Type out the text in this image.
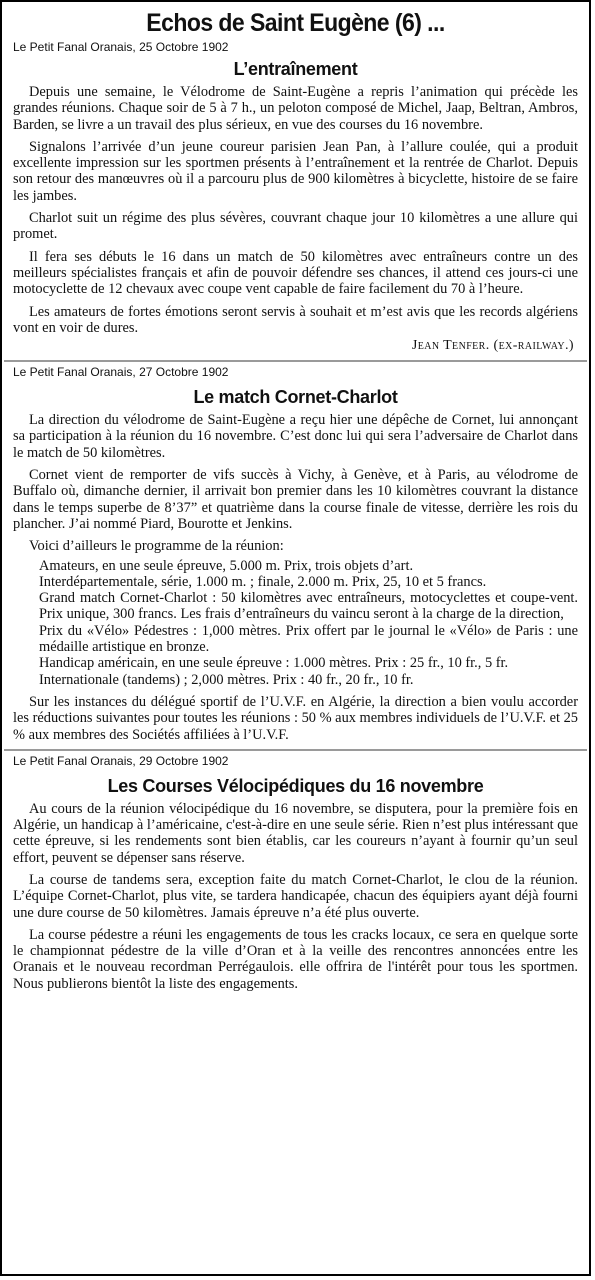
Echos de Saint Eugène (6) ...
Le Petit Fanal Oranais, 25 Octobre 1902
L’entraînement

Depuis une semaine, le Vélodrome de Saint-Eugène a repris l’animation qui précède les grandes réunions. Chaque soir de 5 à 7 h., un peloton composé de Michel, Jaap, Beltran, Ambros, Barden, se livre a un travail des plus sérieux, en vue des courses du 16 novembre.

Signalons l’arrivée d’un jeune coureur parisien Jean Pan, à l’allure coulée, qui a produit excellente impression sur les sportmen présents à l’entraînement et la rentrée de Charlot. Depuis son retour des manœuvres où il a parcouru plus de 900 kilomètres à bicyclette, histoire de se faire les jambes.

Charlot suit un régime des plus sévères, couvrant chaque jour 10 kilomètres a une allure qui promet.

Il fera ses débuts le 16 dans un match de 50 kilomètres avec entraîneurs contre un des meilleurs spécialistes français et afin de pouvoir défendre ses chances, il attend ces jours-ci une motocyclette de 12 chevaux avec coupe vent capable de faire facilement du 70 à l’heure.

Les amateurs de fortes émotions seront servis à souhait et m’est avis que les records algériens vont en voir de dures.

Jean Tenfer. (ex-railway.)
Le Petit Fanal Oranais, 27 Octobre 1902
Le match Cornet-Charlot

La direction du vélodrome de Saint-Eugène a reçu hier une dépêche de Cornet, lui annonçant sa participation à la réunion du 16 novembre. C’est donc lui qui sera l’adversaire de Charlot dans le match de 50 kilomètres.

Cornet vient de remporter de vifs succès à Vichy, à Genève, et à Paris, au vélodrome de Buffalo où, dimanche dernier, il arrivait bon premier dans les 10 kilomètres couvrant la distance dans le temps superbe de 8’37” et quatrième dans la course finale de vitesse, derrière les rois du plancher. J’ai nommé Piard, Bourotte et Jenkins.

Voici d’ailleurs le programme de la réunion:

Amateurs, en une seule épreuve, 5.000 m. Prix, trois objets d’art.
Interdépartementale, série, 1.000 m. ; finale, 2.000 m. Prix, 25, 10 et 5 francs.
Grand match Cornet-Charlot : 50 kilomètres avec entraîneurs, motocyclettes et coupe-vent. Prix unique, 300 francs. Les frais d’entraîneurs du vaincu seront à la charge de la direction,
Prix du «Vélo» Pédestres : 1,000 mètres. Prix offert par le journal le «Vélo» de Paris : une médaille artistique en bronze.
Handicap américain, en une seule épreuve : 1.000 mètres. Prix : 25 fr., 10 fr., 5 fr.
Internationale (tandems) ; 2,000 mètres. Prix : 40 fr., 20 fr., 10 fr.

Sur les instances du délégué sportif de l’U.V.F. en Algérie, la direction a bien voulu accorder les réductions suivantes pour toutes les réunions : 50 % aux membres individuels de l’U.V.F. et 25 % aux membres des Sociétés affiliées à l’U.V.F.

Le Petit Fanal Oranais, 29 Octobre 1902
Les Courses Vélocipédiques du 16 novembre

Au cours de la réunion vélocipédique du 16 novembre, se disputera, pour la première fois en Algérie, un handicap à l’américaine, c'est-à-dire en une seule série. Rien n’est plus intéressant que cette épreuve, si les rendements sont bien établis, car les coureurs n’ayant à fournir qu’un seul effort, peuvent se dépenser sans réserve.

La course de tandems sera, exception faite du match Cornet-Charlot, le clou de la réunion. L’équipe Cornet-Charlot, plus vite, se tardera handicapée, chacun des équipiers ayant déjà fourni une dure course de 50 kilomètres. Jamais épreuve n’a été plus ouverte.

La course pédestre a réuni les engagements de tous les cracks locaux, ce sera en quelque sorte le championnat pédestre de la ville d’Oran et à la veille des rencontres annoncées entre les Oranais et le nouveau recordman Perrégaulois. elle offrira de l'intérêt pour tous les sportmen. Nous publierons bientôt la liste des engagements.
